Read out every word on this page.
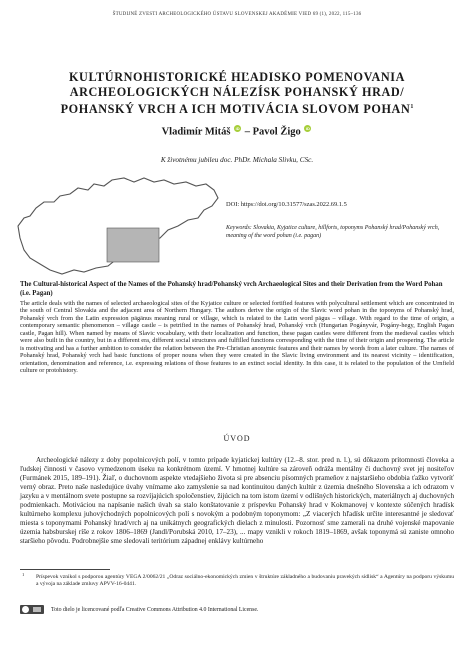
ŠTUDIJNÉ ZVESTI ARCHEOLOGICKÉHO ÚSTAVU SLOVENSKEJ AKADÉMIE VIED 69 (1), 2022, 115–136
KULTÚRNOHISTORICKÉ HĽADISKO POMENOVANIA ARCHEOLOGICKÝCH NÁLEZÍSK POHANSKÝ HRAD/ POHANSKÝ VRCH A ICH MOTIVÁCIA SLOVOM POHAN$^1$
Vladimír Mitáš iD – Pavol Žigo iD
K životnému jubileu doc. PhDr. Michala Slivku, CSc.
DOI: https://doi.org/10.31577/szas.2022.69.1.5
Keywords: Slovakia, Kyjatice culture, hillforts, toponyms Pohanský hrad/Pohanský vrch, meaning of the word pohan (i.e. pagan)
The Cultural-historical Aspect of the Names of the Pohanský hrad/Pohanský vrch Archaeological Sites and their Derivation from the Word Pohan (i.e. Pagan)

The article deals with the names of selected archaeological sites of the Kyjatice culture or selected fortified features with polycultural settlement which are concentrated in the south of Central Slovakia and the adjacent area of Northern Hungary. The authors derive the origin of the Slavic word pohan in the toponyms of Pohanský hrad, Pohanský vrch from the Latin expression pāgānus meaning rural or village, which is related to the Latin word pāgus – village. With regard to the time of origin, a contemporary semantic phenomenon – village castle – is petrified in the names of Pohanský hrad, Pohanský vrch (Hungarian Pogányvár, Pogány-hegy, English Pagan castle, Pagan hill). When named by means of Slavic vocabulary, with their localization and function, these pagan castles were different from the medieval castles which were also built in the country, but in a different era, different social structures and fulfilled functions corresponding with the time of their origin and prospering. The article is motivating and has a further ambition to consider the relation between the Pre-Christian anonymic features and their names by words from a later culture. The names of Pohanský hrad, Pohanský vrch had basic functions of proper nouns when they were created in the Slavic living environment and its nearest vicinity – identification, orientation, denomination and reference, i.e. expressing relations of those features to an extinct social identity. In this case, it is related to the population of the Urnfield culture or protohistory.

ÚVOD

Archeologické nálezy z doby popolnicových polí, v tomto prípade kyjatickej kultúry (12.–8. stor. pred n. l.), sú dôkazom prítomnosti človeka a ľudskej činnosti v časovo vymedzenom úseku na konkrétnom území. V hmotnej kultúre sa zároveň odráža mentálny či duchovný svet jej nositeľov (Furmánek 2015, 189–191). Žiaľ, o duchovnom aspekte vtedajšieho života si pre absenciu písomných prameňov z najstaršieho obdobia ťažko vytvoríť verný obraz. Preto naše nasledujúce úvahy vnímame ako zamyslenie sa nad kontinuitou daných kultúr z územia dnešného Slovenska a ich odrazom v jazyku a v mentálnom svete postupne sa rozvíjajúcich spoločenstiev, žijúcich na tom istom území v odlišných historických, materiálnych aj duchovných podmienkach. Motiváciou na napísanie našich úvah sa stalo konštatovanie z príspevku Pohanský hrad v Kokmanovej v kontexte súčených hradísk kultúrneho komplexu juhovýchodných popolnicových polí s novokým a podobným toponymom: „Z viacerých hľadísk určite interesantné je sledovať miesta s toponymami Pohanský hrad/vrch aj na unikátnych geografických dielach z minulosti. Pozornosť sme zamerali na druhé vojenské mapovanie územia habsburskej ríše z rokov 1806–1869 (Jandl/Porubská 2010, 17–23), ... mapy vznikli v rokoch 1819–1869, avšak toponymá sú zaniste omnoho staršieho pôvodu. Podrobnejšie sme sledovali teritórium západnej enklávy kultúrneho

1 Príspevok vznikol s podporou agentúry VEGA 2/0062/21 „Odraz sociálno-ekonomických zmien v štruktúre základného a budovaniu pravekých sídlisk“ a Agentúry na podporu výskumu a vývoja na základe zmluvy APVV-16-0441.
Toto dielo je licencované podľa Creative Commons Attribution 4.0 International License.
